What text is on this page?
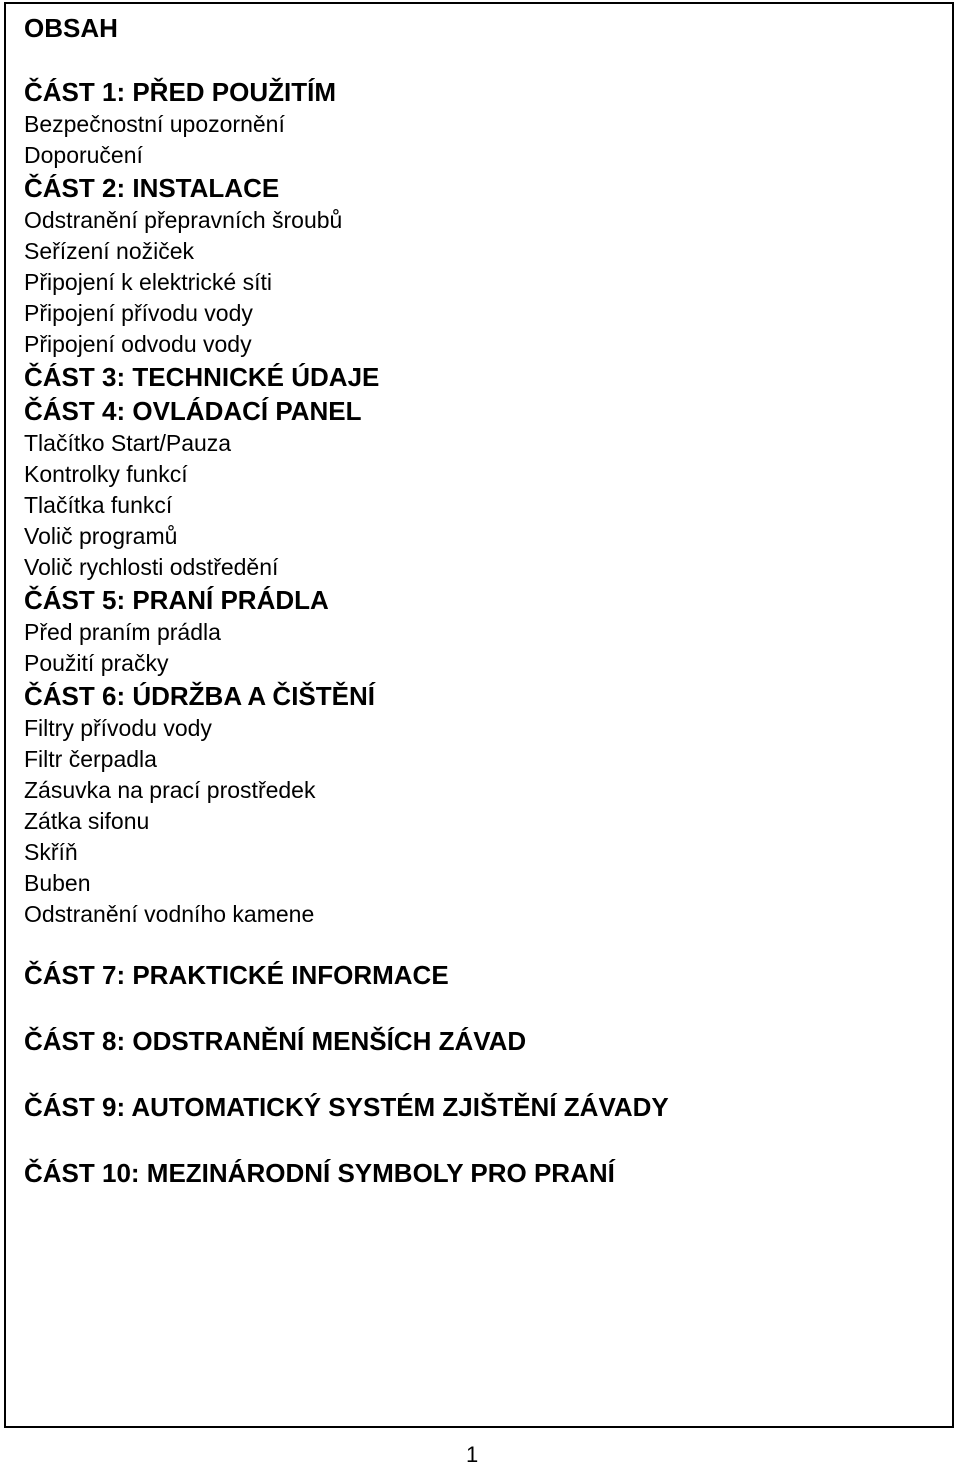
OBSAH
ČÁST 1: PŘED POUŽITÍM
Bezpečnostní upozornění
Doporučení
ČÁST 2: INSTALACE
Odstranění přepravních šroubů
Seřízení nožiček
Připojení k elektrické síti
Připojení přívodu vody
Připojení odvodu vody
ČÁST 3: TECHNICKÉ ÚDAJE
ČÁST 4: OVLÁDACÍ PANEL
Tlačítko Start/Pauza
Kontrolky funkcí
Tlačítka funkcí
Volič programů
Volič rychlosti odstředění
ČÁST 5: PRANÍ PRÁDLA
Před praním prádla
Použití pračky
ČÁST 6: ÚDRŽBA A ČIŠTĚNÍ
Filtry přívodu vody
Filtr čerpadla
Zásuvka na prací prostředek
Zátka sifonu
Skříň
Buben
Odstranění vodního kamene
ČÁST 7: PRAKTICKÉ INFORMACE
ČÁST 8: ODSTRANĚNÍ MENŠÍCH ZÁVAD
ČÁST 9: AUTOMATICKÝ SYSTÉM ZJIŠTĚNÍ ZÁVADY
ČÁST 10: MEZINÁRODNÍ SYMBOLY PRO PRANÍ
1
